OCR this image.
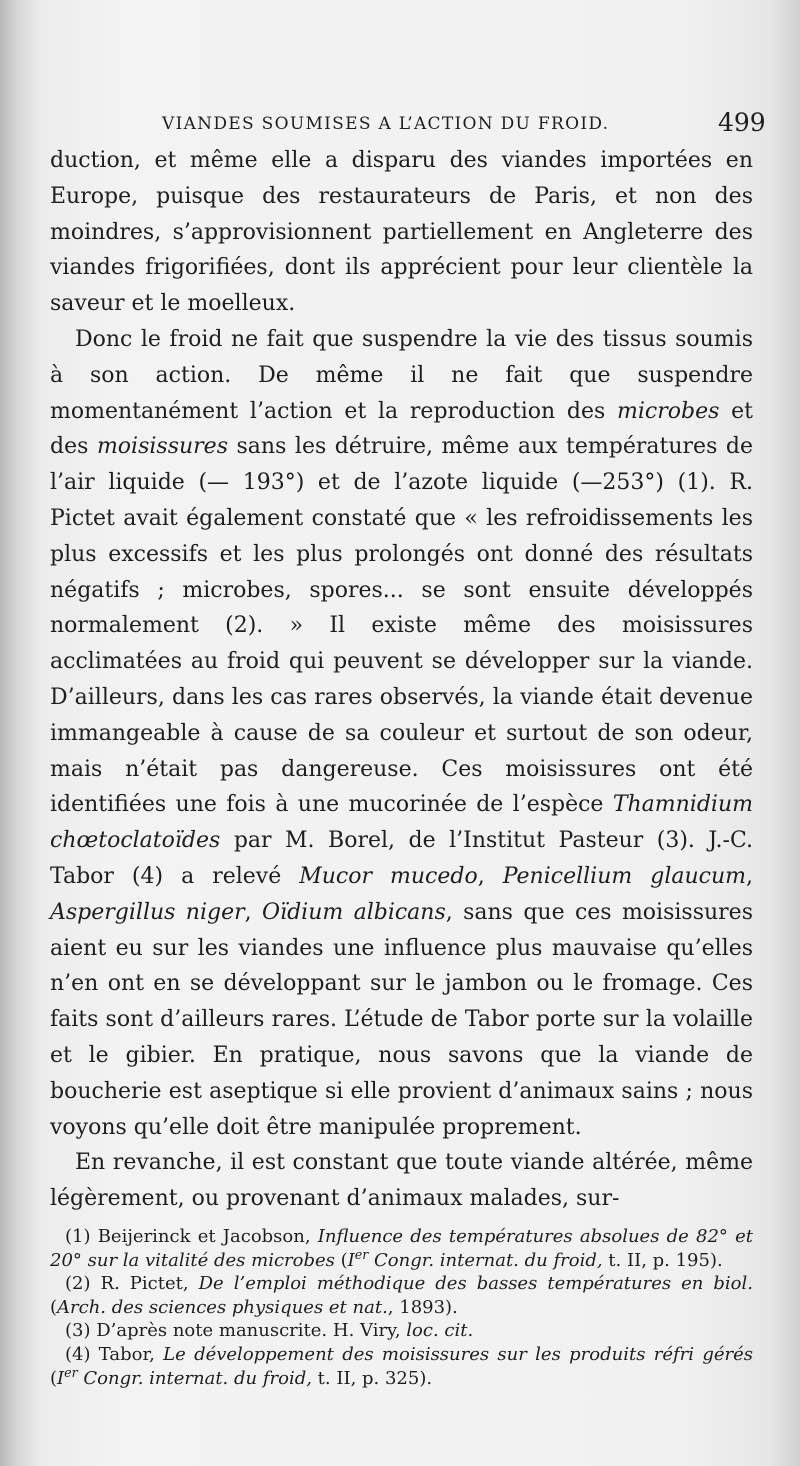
VIANDES SOUMISES A L’ACTION DU FROID.	499

duction, et même elle a disparu des viandes importées en Europe, puisque des restaurateurs de Paris, et non des moindres, s’approvisionnent partiellement en Angleterre des viandes frigorifiées, dont ils apprécient pour leur clientèle la saveur et le moelleux.

Donc le froid ne fait que suspendre la vie des tissus soumis à son action. De même il ne fait que suspendre momentanément l’action et la reproduction des microbes et des moisissures sans les détruire, même aux températures de l’air liquide (— 193°) et de l’azote liquide (—253°) (1). R. Pictet avait également constaté que « les refroidissements les plus excessifs et les plus prolongés ont donné des résultats négatifs ; microbes, spores... se sont ensuite développés normalement (2). » Il existe même des moisissures acclimatées au froid qui peuvent se développer sur la viande. D’ailleurs, dans les cas rares observés, la viande était devenue immangeable à cause de sa couleur et surtout de son odeur, mais n’était pas dangereuse. Ces moisissures ont été identifiées une fois à une mucorinée de l’espèce Thamnidium chœtoclatoïdes par M. Borel, de l’Institut Pasteur (3). J.-C. Tabor (4) a relevé Mucor mucedo, Penicellium glaucum, Aspergillus niger, Oïdium albicans, sans que ces moisissures aient eu sur les viandes une influence plus mauvaise qu’elles n’en ont en se développant sur le jambon ou le fromage. Ces faits sont d’ailleurs rares. L’étude de Tabor porte sur la volaille et le gibier. En pratique, nous savons que la viande de boucherie est aseptique si elle provient d’animaux sains ; nous voyons qu’elle doit être manipulée proprement.

En revanche, il est constant que toute viande altérée, même légèrement, ou provenant d’animaux malades, sur-

(1) Beijerinck et Jacobson, Influence des températures absolues de 82° et 20° sur la vitalité des microbes (Ier Congr. internat. du froid, t. II, p. 195).

(2) R. Pictet, De l’emploi méthodique des basses températures en biol. (Arch. des sciences physiques et nat., 1893).

(3) D’après note manuscrite. H. Viry, loc. cit.

(4) Tabor, Le développement des moisissures sur les produits réfri gérés (Ier Congr. internat. du froid, t. II, p. 325).
